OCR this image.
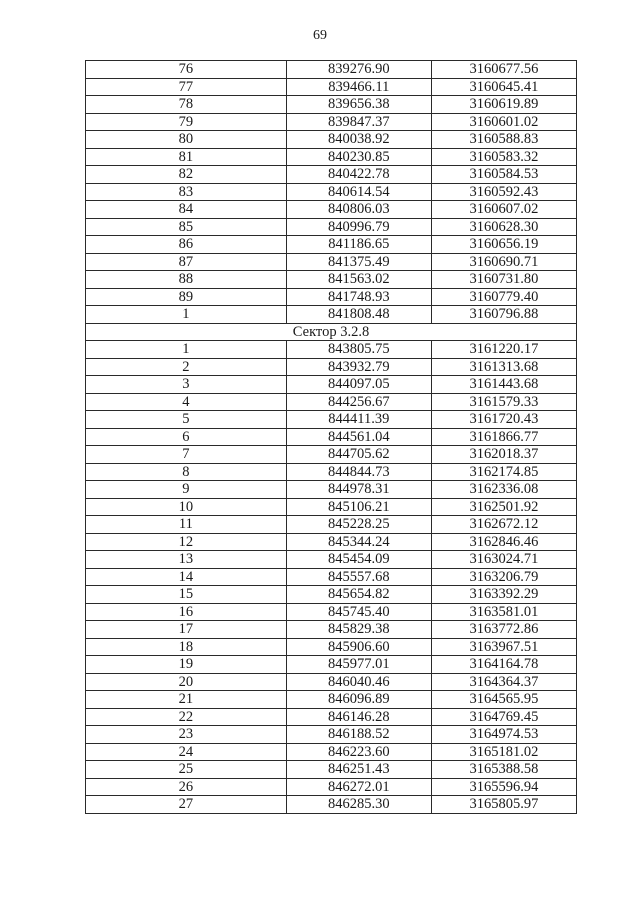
69
76	839276.90	3160677.56
77	839466.11	3160645.41
78	839656.38	3160619.89
79	839847.37	3160601.02
80	840038.92	3160588.83
81	840230.85	3160583.32
82	840422.78	3160584.53
83	840614.54	3160592.43
84	840806.03	3160607.02
85	840996.79	3160628.30
86	841186.65	3160656.19
87	841375.49	3160690.71
88	841563.02	3160731.80
89	841748.93	3160779.40
1	841808.48	3160796.88
Сектор 3.2.8		
1	843805.75	3161220.17
2	843932.79	3161313.68
3	844097.05	3161443.68
4	844256.67	3161579.33
5	844411.39	3161720.43
6	844561.04	3161866.77
7	844705.62	3162018.37
8	844844.73	3162174.85
9	844978.31	3162336.08
10	845106.21	3162501.92
11	845228.25	3162672.12
12	845344.24	3162846.46
13	845454.09	3163024.71
14	845557.68	3163206.79
15	845654.82	3163392.29
16	845745.40	3163581.01
17	845829.38	3163772.86
18	845906.60	3163967.51
19	845977.01	3164164.78
20	846040.46	3164364.37
21	846096.89	3164565.95
22	846146.28	3164769.45
23	846188.52	3164974.53
24	846223.60	3165181.02
25	846251.43	3165388.58
26	846272.01	3165596.94
27	846285.30	3165805.97
